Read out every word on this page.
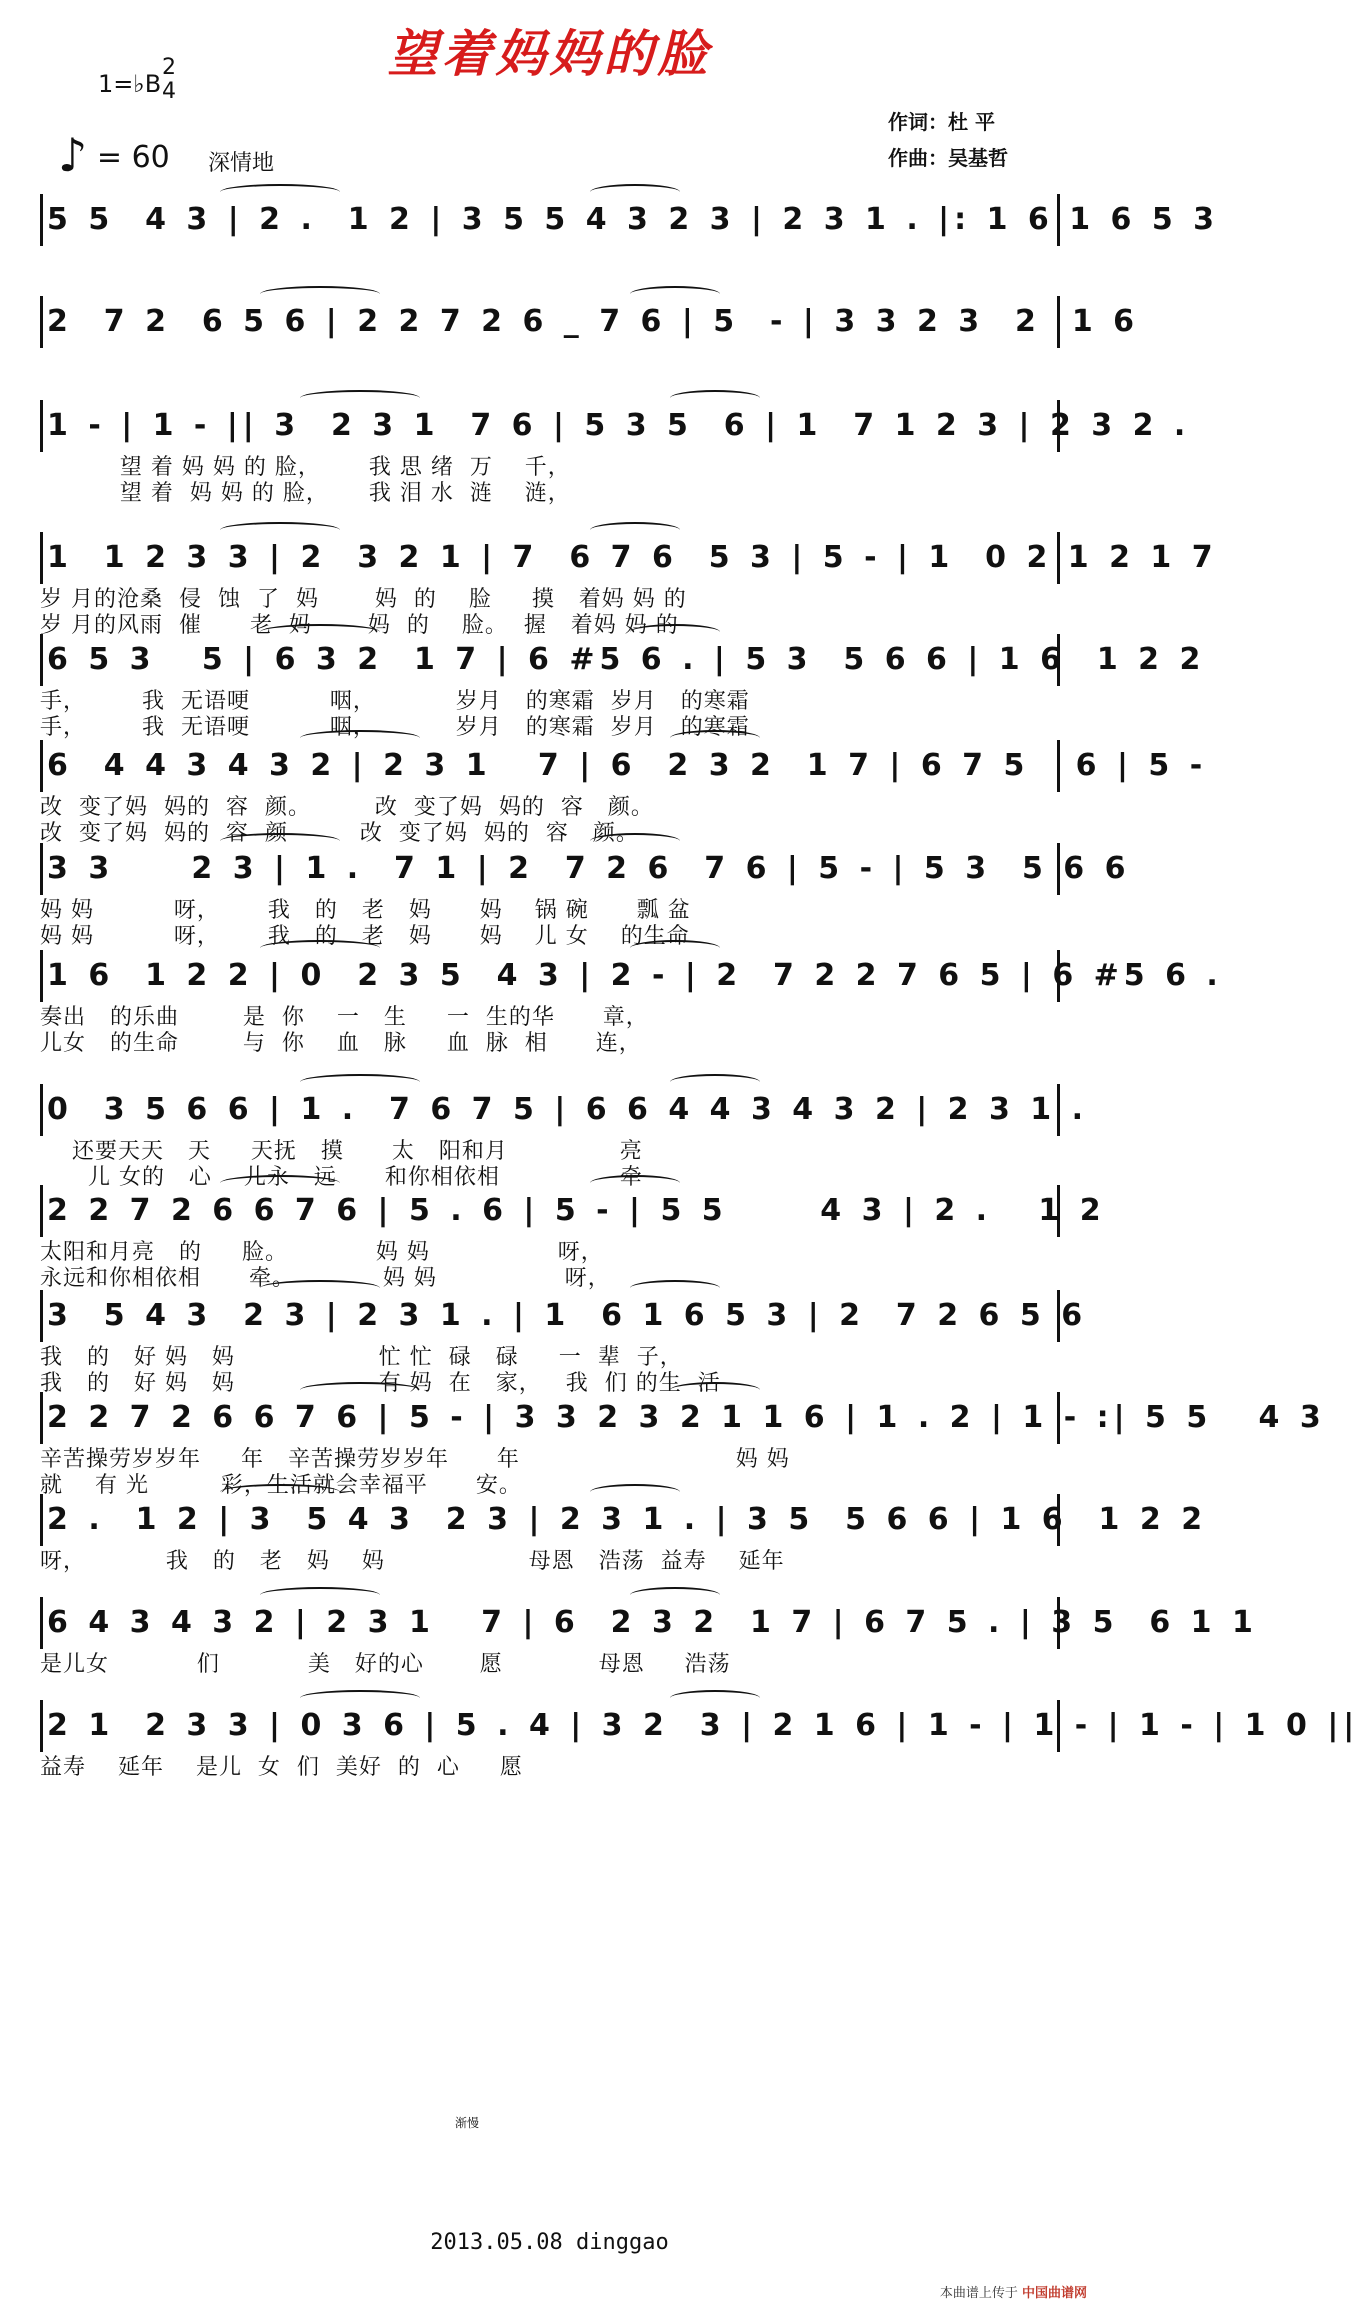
望着妈妈的脸
1=♭B
2
4
♪ = 60 深情地
作词：杜 平
作曲：吴基哲
5 5  4 3 | 2 .  1 2 | 3 5 5 4 3 2 3 | 2 3 1 . |: 1 6 1 6 5 3
2  7 2  6 5 6 | 2 2 7 2 6 _ 7 6 | 5  - | 3 3 2 3  2  1 6
1 - | 1 - || 3  2 3 1  7 6 | 5 3 5  6 | 1  7 1 2 3 | 2 3 2 .
望 着 妈 妈 的 脸，      我 思 绪  万    千，
望 着  妈 妈 的 脸，     我 泪 水  涟    涟，
1  1 2 3 3 | 2  3 2 1 | 7  6 7 6  5 3 | 5 - | 1  0 2 1 2 1 7
岁 月的沧桑  侵  蚀  了  妈       妈  的    脸     摸   着妈 妈 的
岁 月的风雨  催      老  妈       妈  的    脸。  握   着妈 妈 的
6 5 3   5 | 6 3 2  1 7 | 6 #5 6 . | 5 3  5 6 6 | 1 6  1 2 2
手，       我  无语哽          咽，          岁月   的寒霜  岁月   的寒霜
手，       我  无语哽          咽，          岁月   的寒霜  岁月   的寒霜
6  4 4 3 4 3 2 | 2 3 1   7 | 6  2 3 2  1 7 | 6 7 5   6 | 5 -
改  变了妈  妈的  容  颜。        改  变了妈  妈的  容   颜。
改  变了妈  妈的  容  颜         改  变了妈  妈的  容   颜。
3 3     2 3 | 1 .  7 1 | 2  7 2 6  7 6 | 5 - | 5 3  5 6 6
妈 妈          呀，      我   的   老   妈      妈    锅 碗      瓢 盆
妈 妈          呀，      我   的   老   妈      妈    儿 女    的生命
1 6  1 2 2 | 0  2 3 5  4 3 | 2 - | 2  7 2 2 7 6 5 | 6 #5 6 .
奏出   的乐曲        是  你    一   生     一  生的华      章，
儿女   的生命        与  你    血   脉     血  脉  相      连，
0  3 5 6 6 | 1 .  7 6 7 5 | 6 6 4 4 3 4 3 2 | 2 3 1 .
还要天天   天     天抚   摸      太   阳和月              亮
儿 女的   心    儿永   远      和你相依相               牵
2 2 7 2 6 6 7 6 | 5 . 6 | 5 - | 5 5      4 3 | 2 .   1 2
太阳和月亮   的     脸。           妈 妈                呀，
永远和你相依相      牵。           妈 妈                呀，
3  5 4 3  2 3 | 2 3 1 . | 1  6 1 6 5 3 | 2  7 2 6 5 6
我   的   好 妈   妈                  忙 忙  碌   碌     一  辈  子，
我   的   好 妈   妈                  有 妈  在   家，   我  们 的生  活
2 2 7 2 6 6 7 6 | 5 - | 3 3 2 3 2 1 1 6 | 1 . 2 | 1 - :| 5 5   4 3
辛苦操劳岁岁年     年   辛苦操劳岁岁年      年                           妈 妈
就    有 光         彩，生活就会幸福平      安。
2 .  1 2 | 3  5 4 3  2 3 | 2 3 1 . | 3 5  5 6 6 | 1 6  1 2 2
呀，          我   的   老   妈    妈                  母恩   浩荡  益寿    延年
6 4 3 4 3 2 | 2 3 1   7 | 6  2 3 2  1 7 | 6 7 5 . | 3 5  6 1 1
是儿女           们           美   好的心       愿            母恩     浩荡
2 1  2 3 3 | 0 3 6 | 5 . 4 | 3 2  3 | 2 1 6 | 1 - | 1 - | 1 - | 1 0 ||
益寿    延年    是儿  女  们  美好  的  心     愿
渐慢
2013.05.08 dinggao
本曲谱上传于 中国曲谱网
